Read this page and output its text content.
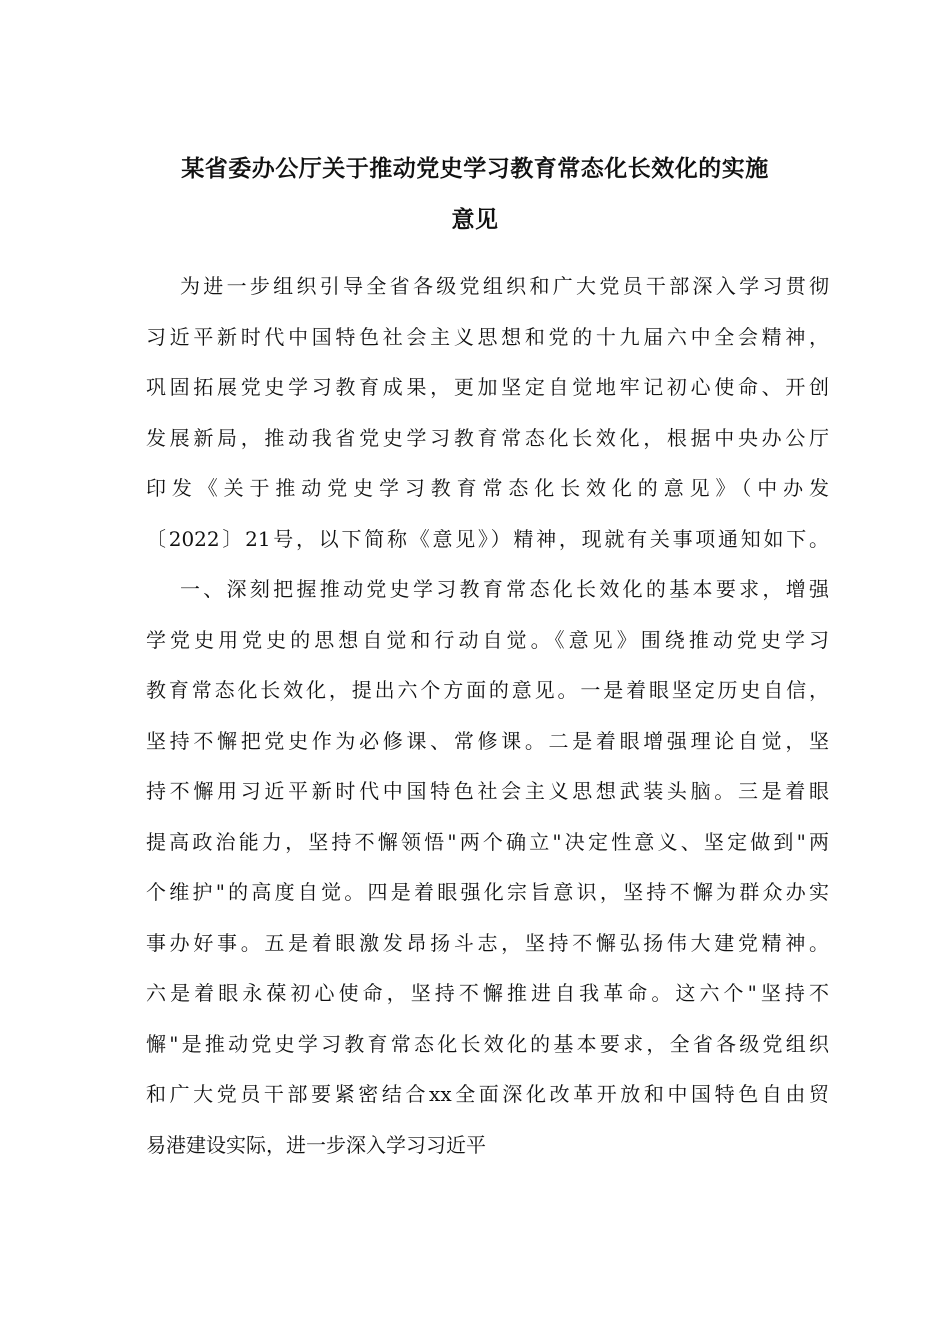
某省委办公厅关于推动党史学习教育常态化长效化的实施
意见

为进一步组织引导全省各级党组织和广大党员干部深入学习贯彻

习近平新时代中国特色社会主义思想和党的十九届六中全会精神，

巩固拓展党史学习教育成果，更加坚定自觉地牢记初心使命、开创

发展新局，推动我省党史学习教育常态化长效化，根据中央办公厅

印发《关于推动党史学习教育常态化长效化的意见》（中办发

〔2022〕21号，以下简称《意见》）精神，现就有关事项通知如下。

一、深刻把握推动党史学习教育常态化长效化的基本要求，增强

学党史用党史的思想自觉和行动自觉。《意见》围绕推动党史学习

教育常态化长效化，提出六个方面的意见。一是着眼坚定历史自信，

坚持不懈把党史作为必修课、常修课。二是着眼增强理论自觉，坚

持不懈用习近平新时代中国特色社会主义思想武装头脑。三是着眼

提高政治能力，坚持不懈领悟"两个确立"决定性意义、坚定做到"两

个维护"的高度自觉。四是着眼强化宗旨意识，坚持不懈为群众办实

事办好事。五是着眼激发昂扬斗志，坚持不懈弘扬伟大建党精神。

六是着眼永葆初心使命，坚持不懈推进自我革命。这六个"坚持不

懈"是推动党史学习教育常态化长效化的基本要求，全省各级党组织

和广大党员干部要紧密结合xx全面深化改革开放和中国特色自由贸

易港建设实际，进一步深入学习习近平
